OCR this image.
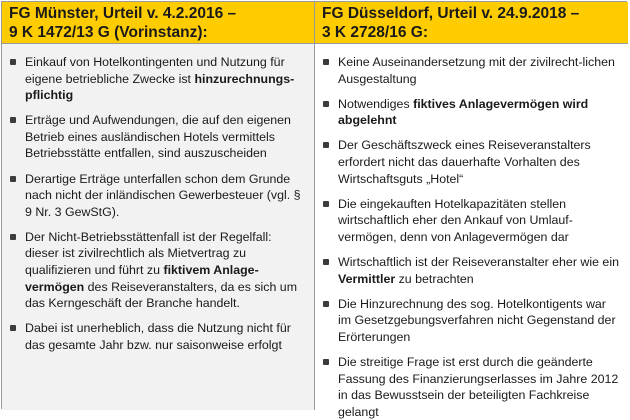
FG Münster, Urteil v. 4.2.2016 –
9 K 1472/13 G (Vorinstanz):
FG Düsseldorf, Urteil v. 24.9.2018 –
3 K 2728/16 G:
Einkauf von Hotelkontingenten und Nutzung für eigene betriebliche Zwecke ist hinzurechnungs-pflichtig
Erträge und Aufwendungen, die auf den eigenen Betrieb eines ausländischen Hotels vermittels Betriebsstätte entfallen, sind auszuscheiden
Derartige Erträge unterfallen schon dem Grunde nach nicht der inländischen Gewerbesteuer (vgl. § 9 Nr. 3 GewStG).
Der Nicht-Betriebsstättenfall ist der Regelfall: dieser ist zivilrechtlich als Mietvertrag zu qualifizieren und führt zu fiktivem Anlage-vermögen des Reiseveranstalters, da es sich um das Kerngeschäft der Branche handelt.
Dabei ist unerheblich, dass die Nutzung nicht für das gesamte Jahr bzw. nur saisonweise erfolgt
Keine Auseinandersetzung mit der zivilrecht-lichen Ausgestaltung
Notwendiges fiktives Anlagevermögen wird abgelehnt
Der Geschäftszweck eines Reiseveranstalters erfordert nicht das dauerhafte Vorhalten des Wirtschaftsguts „Hotel“
Die eingekauften Hotelkapazitäten stellen wirtschaftlich eher den Ankauf von Umlauf-vermögen, denn von Anlagevermögen dar
Wirtschaftlich ist der Reiseveranstalter eher wie ein Vermittler zu betrachten
Die Hinzurechnung des sog. Hotelkontigents war im Gesetzgebungsverfahren nicht Gegenstand der Erörterungen
Die streitige Frage ist erst durch die geänderte Fassung des Finanzierungserlasses im Jahre 2012 in das Bewusstsein der beteiligten Fachkreise gelangt
